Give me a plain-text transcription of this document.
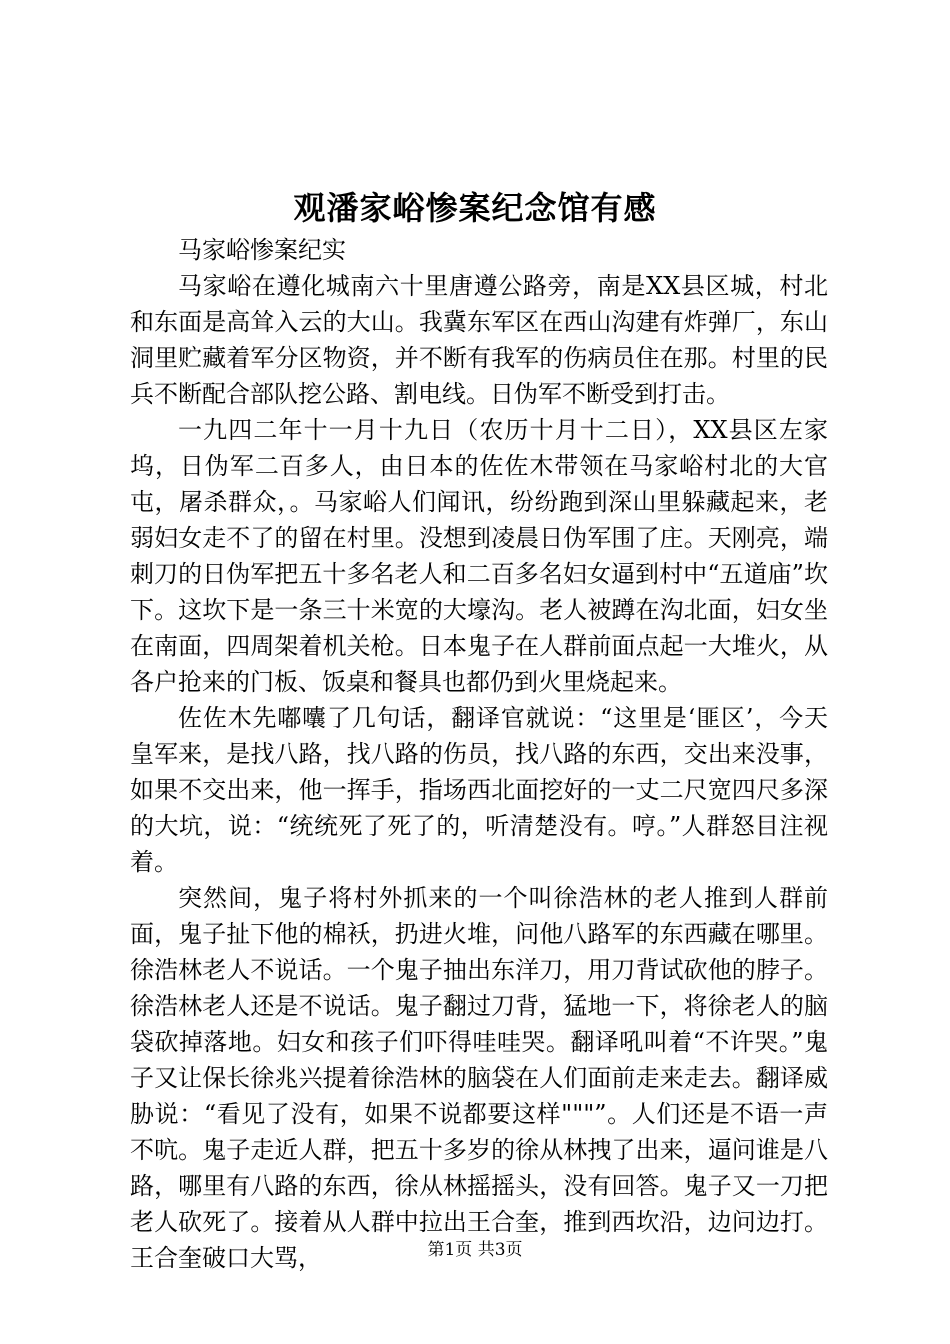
观潘家峪惨案纪念馆有感

马家峪惨案纪实

马家峪在遵化城南六十里唐遵公路旁，南是XX县区城，村北和东面是高耸入云的大山。我冀东军区在西山沟建有炸弹厂，东山洞里贮藏着军分区物资，并不断有我军的伤病员住在那。村里的民兵不断配合部队挖公路、割电线。日伪军不断受到打击。

一九四二年十一月十九日（农历十月十二日），XX县区左家坞，日伪军二百多人，由日本的佐佐木带领在马家峪村北的大官屯，屠杀群众，。马家峪人们闻讯，纷纷跑到深山里躲藏起来，老弱妇女走不了的留在村里。没想到凌晨日伪军围了庄。天刚亮，端刺刀的日伪军把五十多名老人和二百多名妇女逼到村中“五道庙”坎下。这坎下是一条三十米宽的大壕沟。老人被蹲在沟北面，妇女坐在南面，四周架着机关枪。日本鬼子在人群前面点起一大堆火，从各户抢来的门板、饭桌和餐具也都仍到火里烧起来。

佐佐木先嘟囔了几句话，翻译官就说：“这里是‘匪区’，今天皇军来，是找八路，找八路的伤员，找八路的东西，交出来没事，如果不交出来，他一挥手，指场西北面挖好的一丈二尺宽四尺多深的大坑，说：“统统死了死了的，听清楚没有。哼。”人群怒目注视着。

突然间，鬼子将村外抓来的一个叫徐浩林的老人推到人群前面，鬼子扯下他的棉袄，扔进火堆，问他八路军的东西藏在哪里。徐浩林老人不说话。一个鬼子抽出东洋刀，用刀背试砍他的脖子。徐浩林老人还是不说话。鬼子翻过刀背，猛地一下，将徐老人的脑袋砍掉落地。妇女和孩子们吓得哇哇哭。翻译吼叫着“不许哭。”鬼子又让保长徐兆兴提着徐浩林的脑袋在人们面前走来走去。翻译威胁说：“看见了没有，如果不说都要这样"""”。人们还是不语一声不吭。鬼子走近人群，把五十多岁的徐从林拽了出来，逼问谁是八路，哪里有八路的东西，徐从林摇摇头，没有回答。鬼子又一刀把老人砍死了。接着从人群中拉出王合奎，推到西坎沿，边问边打。王合奎破口大骂，	第1页 共3页
